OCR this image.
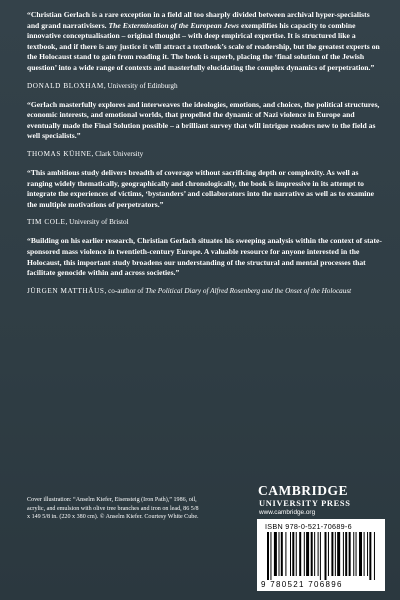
“Christian Gerlach is a rare exception in a field all too sharply divided between archival hyper-specialists and grand narrativisers. The Extermination of the European Jews exemplifies his capacity to combine innovative conceptualisation – original thought – with deep empirical expertise. It is structured like a textbook, and if there is any justice it will attract a textbook’s scale of readership, but the greatest experts on the Holocaust stand to gain from reading it. The book is superb, placing the ‘final solution of the Jewish question’ into a wide range of contexts and masterfully elucidating the complex dynamics of perpetration.”

DONALD BLOXHAM, University of Edinburgh

“Gerlach masterfully explores and interweaves the ideologies, emotions, and choices, the political structures, economic interests, and emotional worlds, that propelled the dynamic of Nazi violence in Europe and eventually made the Final Solution possible – a brilliant survey that will intrigue readers new to the field as well specialists.”

THOMAS KÜHNE, Clark University

“This ambitious study delivers breadth of coverage without sacrificing depth or complexity. As well as ranging widely thematically, geographically and chronologically, the book is impressive in its attempt to integrate the experiences of victims, ‘bystanders’ and collaborators into the narrative as well as to examine the multiple motivations of perpetrators.”

TIM COLE, University of Bristol

“Building on his earlier research, Christian Gerlach situates his sweeping analysis within the context of state-sponsored mass violence in twentieth-century Europe. A valuable resource for anyone interested in the Holocaust, this important study broadens our understanding of the structural and mental processes that facilitate genocide within and across societies.”

JÜRGEN MATTHÄUS, co-author of The Political Diary of Alfred Rosenberg and the Onset of the Holocaust

Cover illustration: “Anselm Kiefer, Eisensteig (Iron Path),” 1986, oil, acrylic, and emulsion with olive tree branches and iron on lead, 86 5/8 x 149 5/8 in. (220 x 380 cm). © Anselm Kiefer. Courtesy White Cube.
CAMBRIDGE
UNIVERSITY PRESS
www.cambridge.org
ISBN 978-0-521-70689-6
9 780521 706896
